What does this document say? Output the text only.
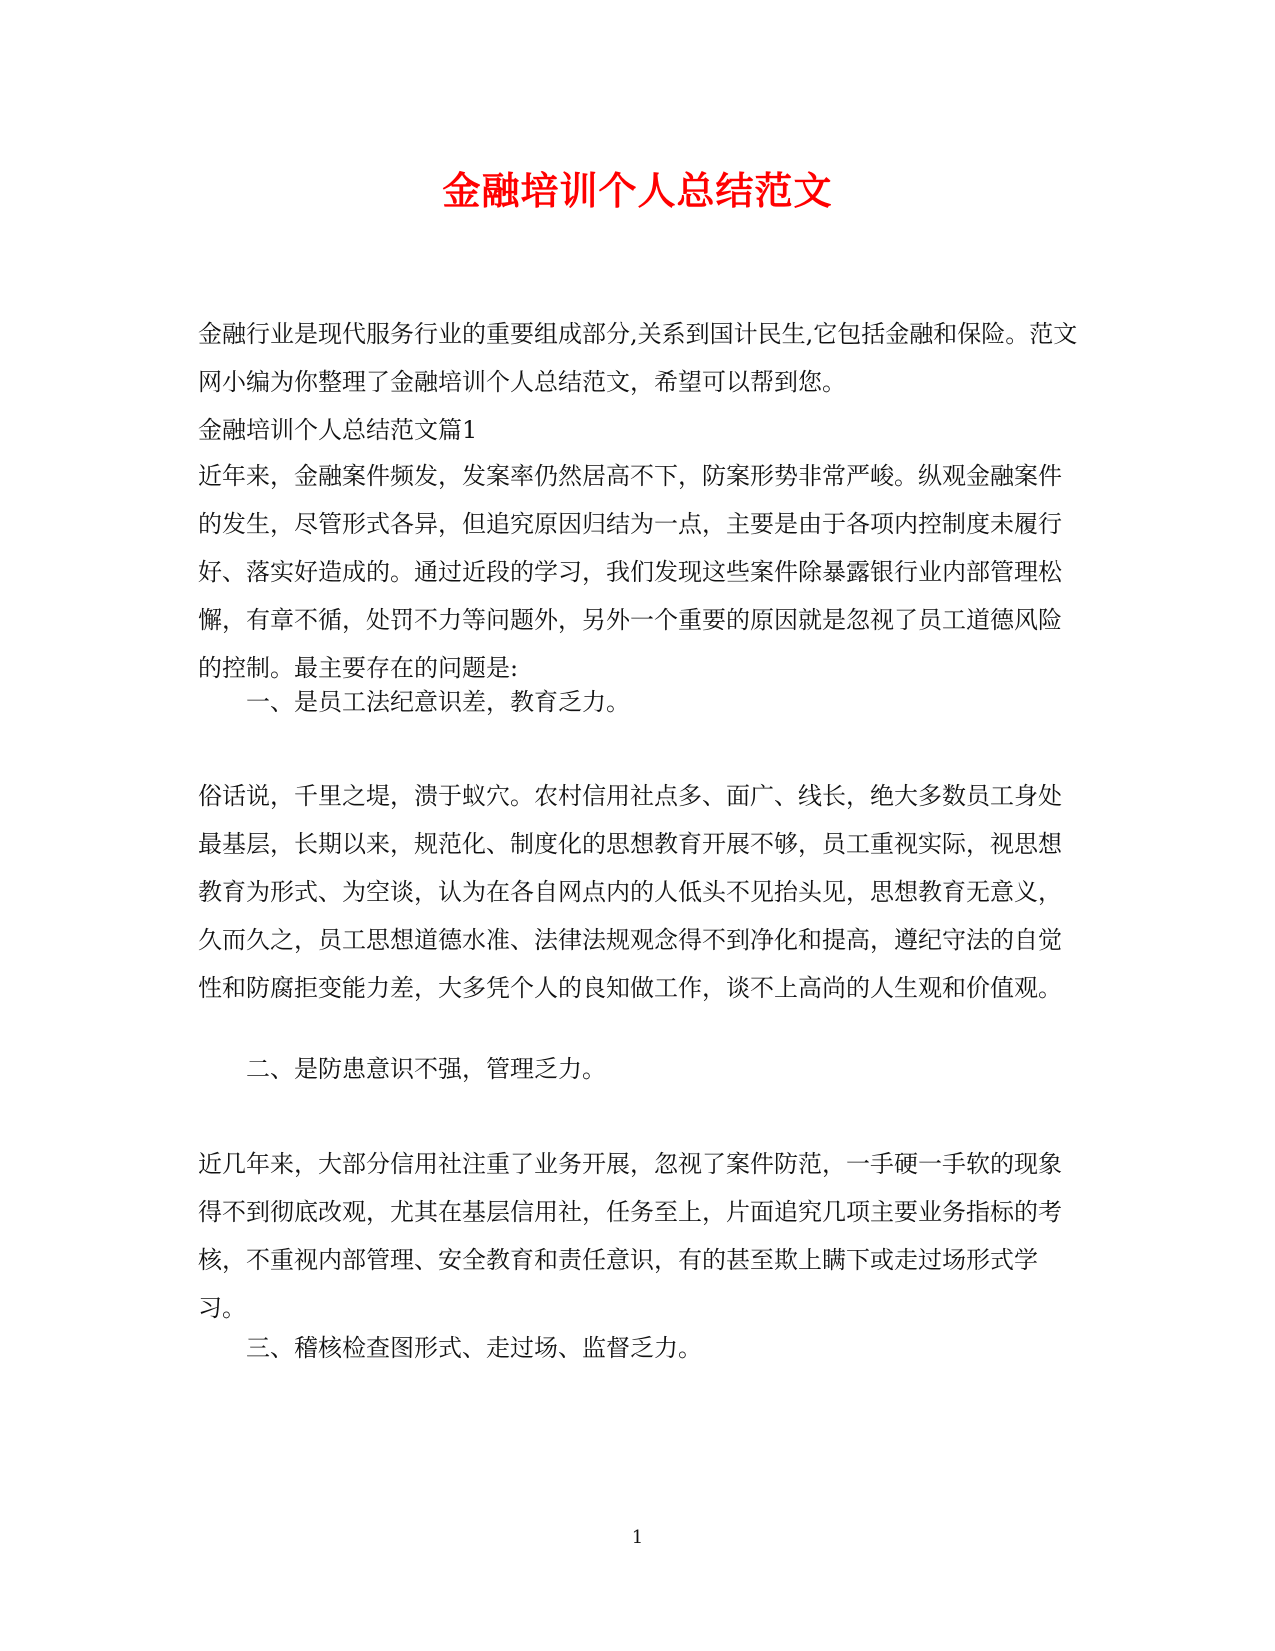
金融培训个人总结范文

金融行业是现代服务行业的重要组成部分,关系到国计民生,它包括金融和保险。范文网小编为你整理了金融培训个人总结范文，希望可以帮到您。

金融培训个人总结范文篇1

近年来，金融案件频发，发案率仍然居高不下，防案形势非常严峻。纵观金融案件的发生，尽管形式各异，但追究原因归结为一点，主要是由于各项内控制度未履行好、落实好造成的。通过近段的学习，我们发现这些案件除暴露银行业内部管理松懈，有章不循，处罚不力等问题外，另外一个重要的原因就是忽视了员工道德风险的控制。最主要存在的问题是:

一、是员工法纪意识差，教育乏力。

俗话说，千里之堤，溃于蚁穴。农村信用社点多、面广、线长，绝大多数员工身处最基层，长期以来，规范化、制度化的思想教育开展不够，员工重视实际，视思想教育为形式、为空谈，认为在各自网点内的人低头不见抬头见，思想教育无意义，久而久之，员工思想道德水准、法律法规观念得不到净化和提高，遵纪守法的自觉性和防腐拒变能力差，大多凭个人的良知做工作，谈不上高尚的人生观和价值观。

二、是防患意识不强，管理乏力。

近几年来，大部分信用社注重了业务开展，忽视了案件防范，一手硬一手软的现象得不到彻底改观，尤其在基层信用社，任务至上，片面追究几项主要业务指标的考核，不重视内部管理、安全教育和责任意识，有的甚至欺上瞒下或走过场形式学习。

三、稽核检查图形式、走过场、监督乏力。

1
